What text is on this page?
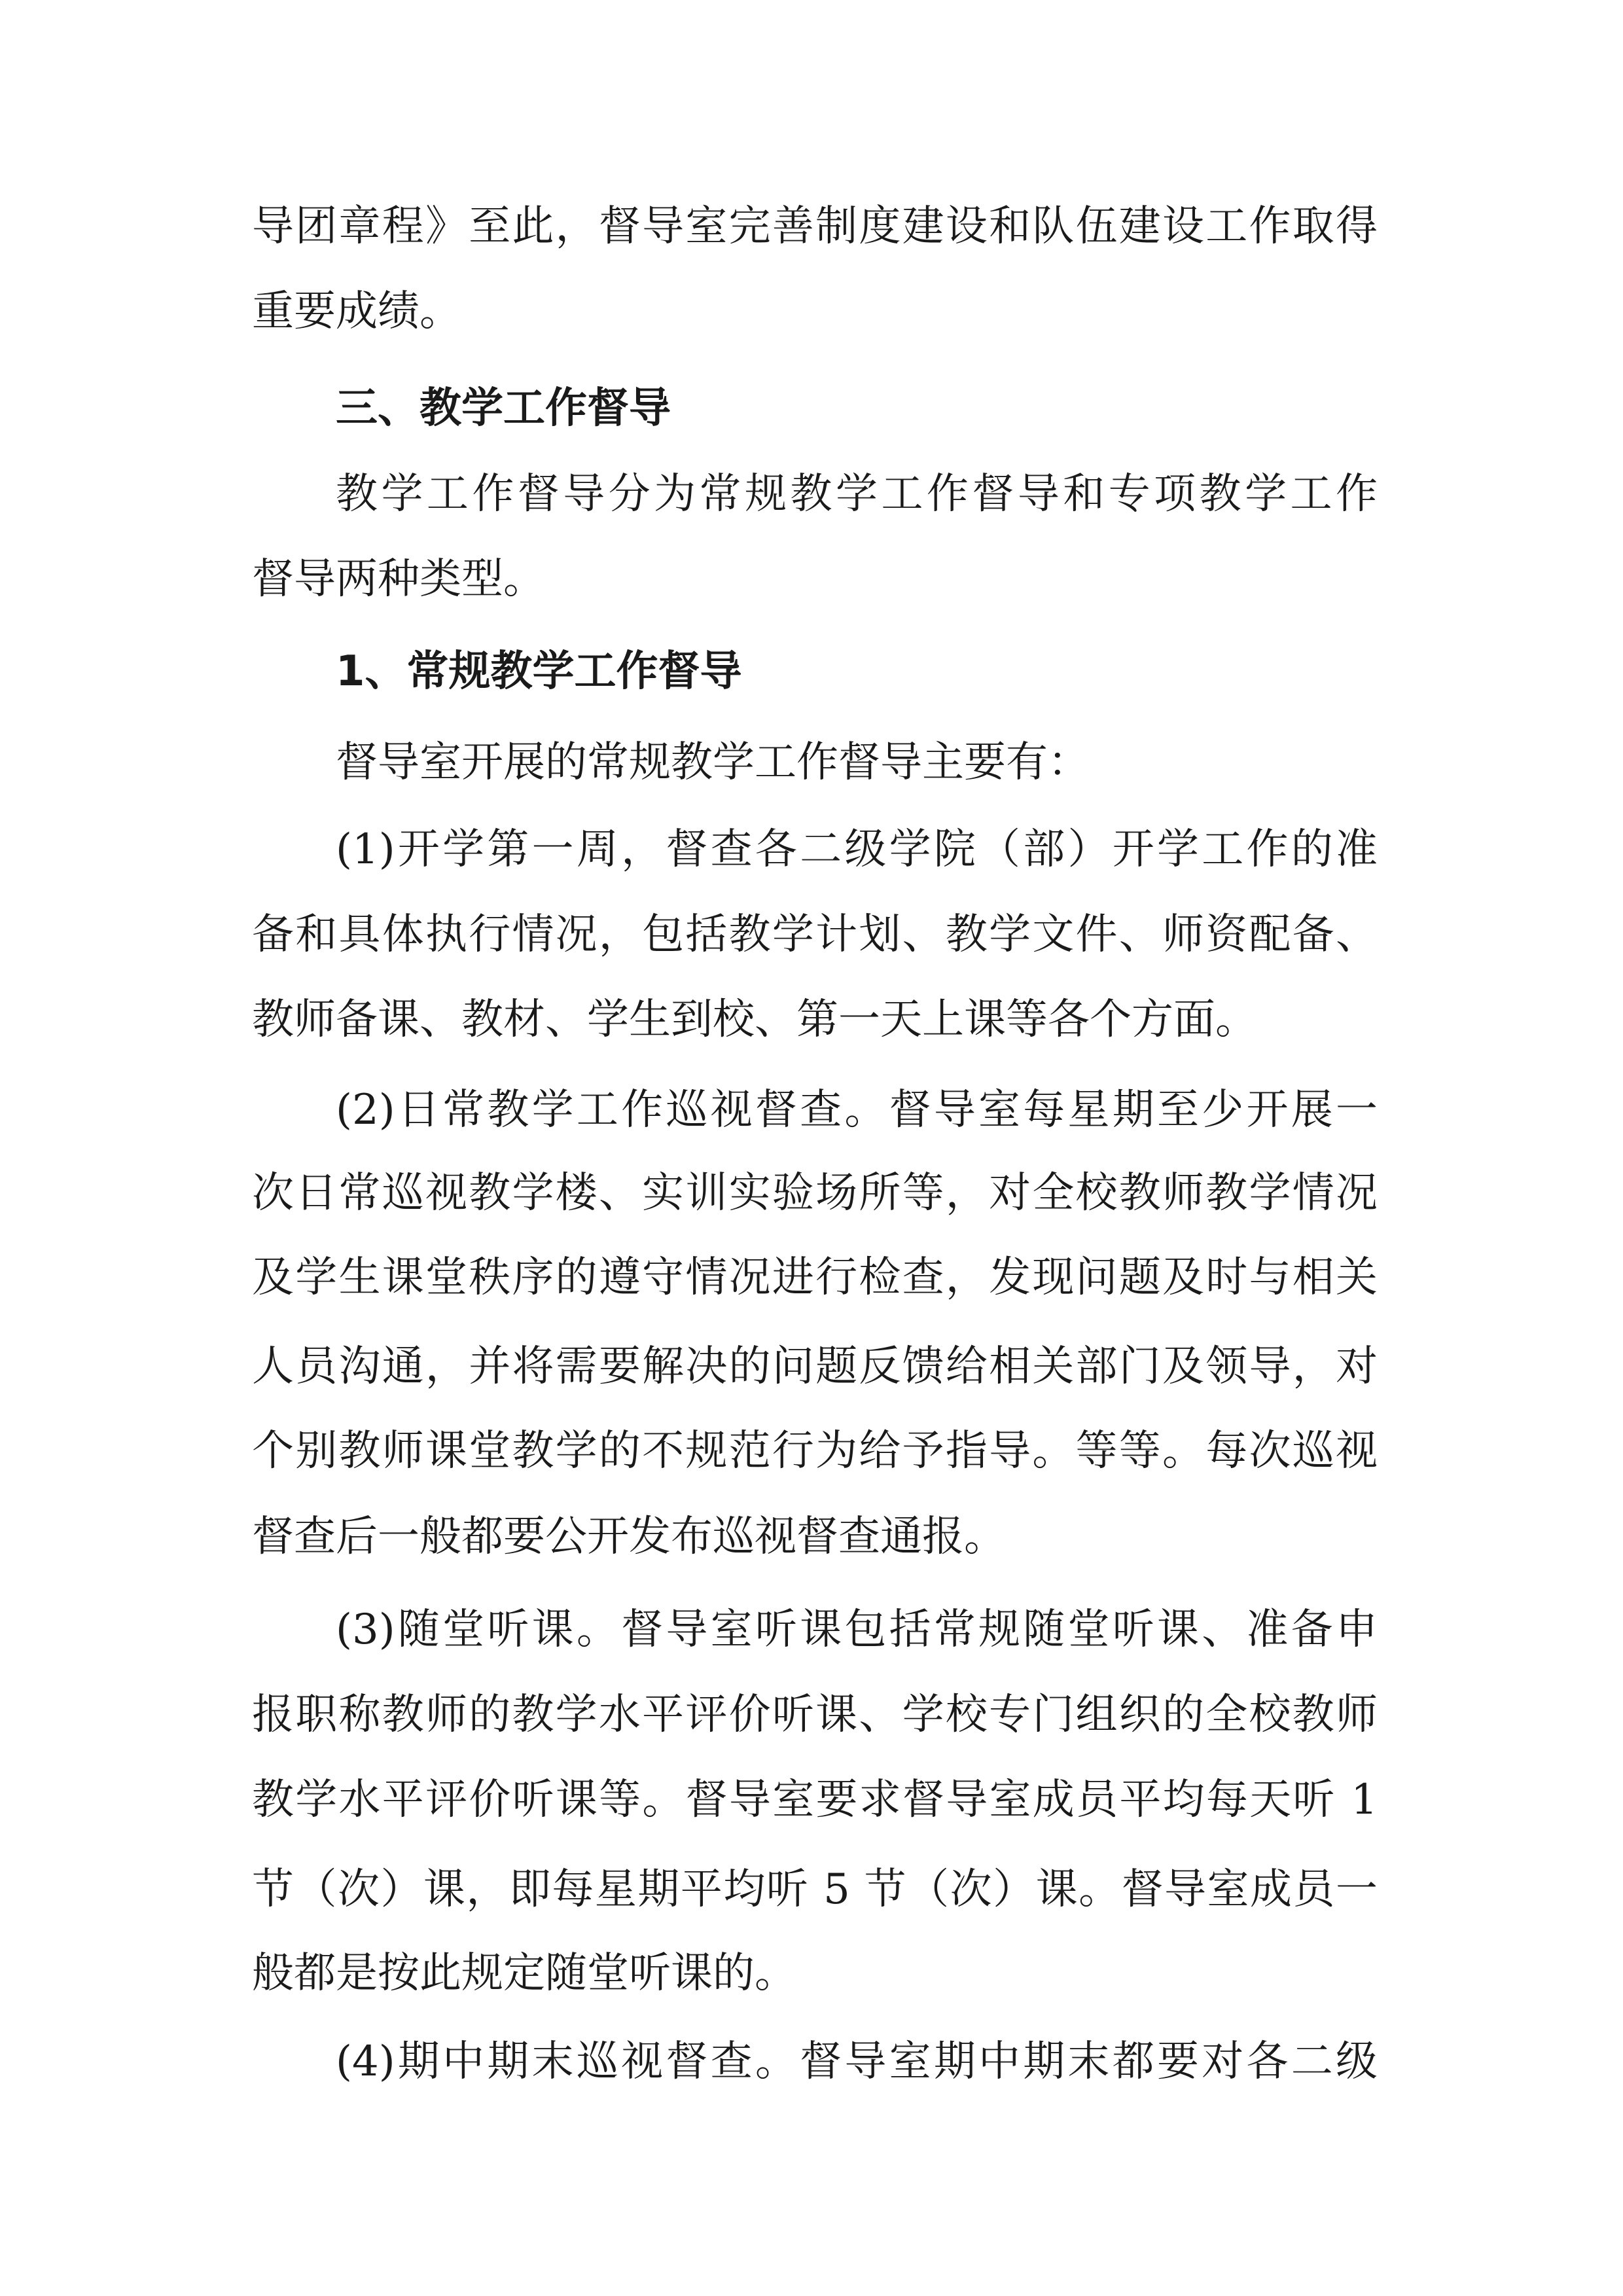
导团章程》至此，督导室完善制度建设和队伍建设工作取得
重要成绩。
三、教学工作督导
教学工作督导分为常规教学工作督导和专项教学工作
督导两种类型。
1、常规教学工作督导
督导室开展的常规教学工作督导主要有：
(1)开学第一周，督查各二级学院（部）开学工作的准
备和具体执行情况，包括教学计划、教学文件、师资配备、
教师备课、教材、学生到校、第一天上课等各个方面。
(2)日常教学工作巡视督查。督导室每星期至少开展一
次日常巡视教学楼、实训实验场所等，对全校教师教学情况
及学生课堂秩序的遵守情况进行检查，发现问题及时与相关
人员沟通，并将需要解决的问题反馈给相关部门及领导，对
个别教师课堂教学的不规范行为给予指导。等等。每次巡视
督查后一般都要公开发布巡视督查通报。
(3)随堂听课。督导室听课包括常规随堂听课、准备申
报职称教师的教学水平评价听课、学校专门组织的全校教师
教学水平评价听课等。督导室要求督导室成员平均每天听 1
节（次）课，即每星期平均听 5 节（次）课。督导室成员一
般都是按此规定随堂听课的。
(4)期中期末巡视督查。督导室期中期末都要对各二级
